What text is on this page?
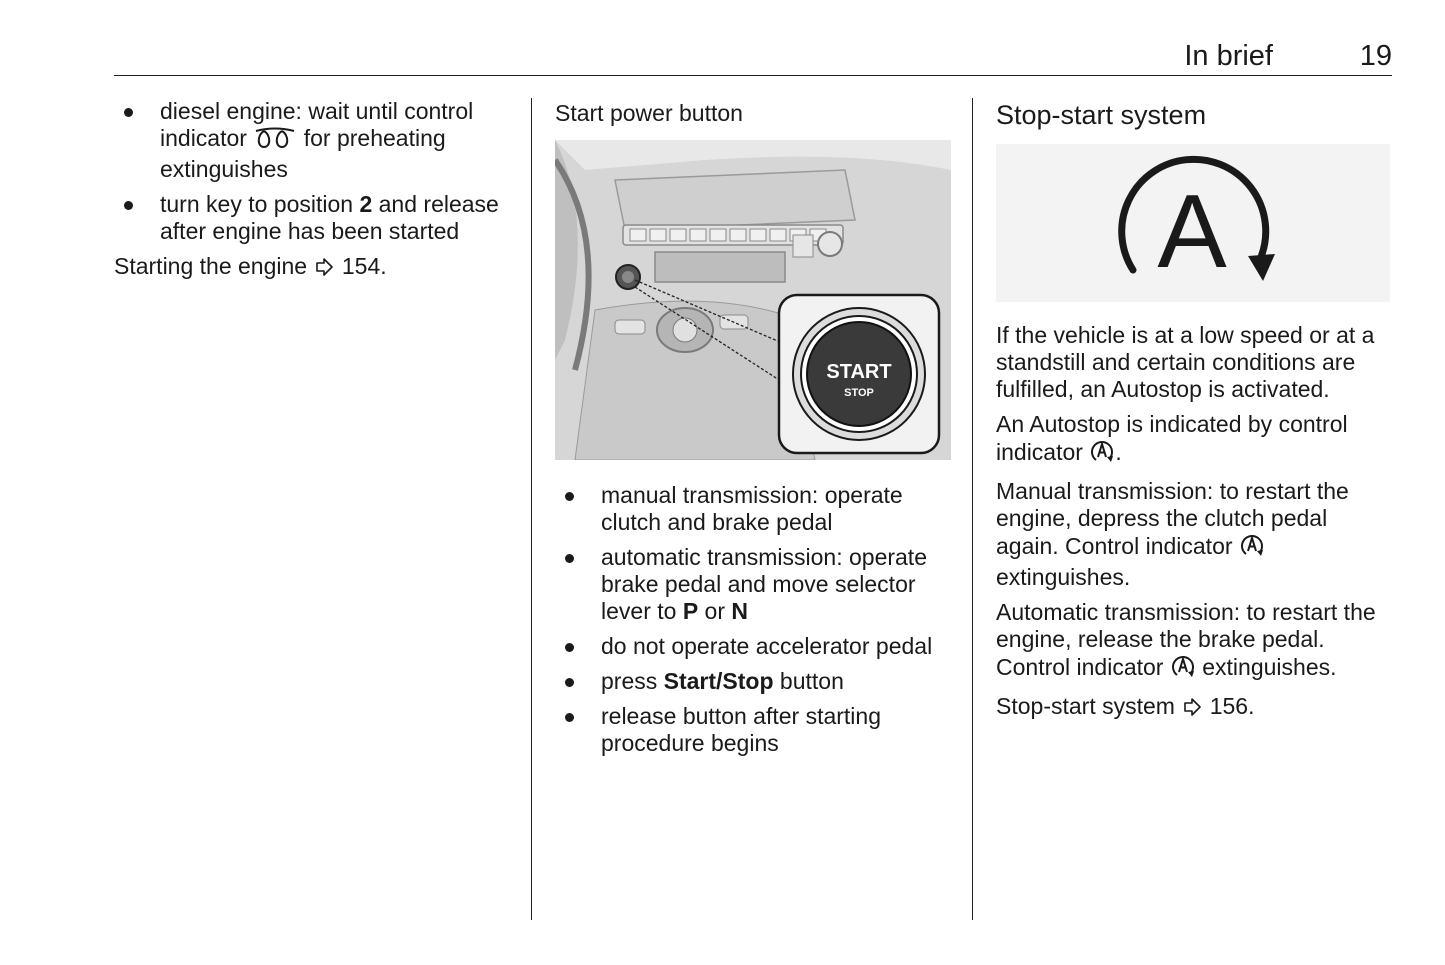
In brief	19
diesel engine: wait until control indicator for preheating extinguishes
turn key to position 2 and release after engine has been started

Starting the engine 154.

Start power button
START
STOP
manual transmission: operate clutch and brake pedal
automatic transmission: operate brake pedal and move selector lever to P or N
do not operate accelerator pedal
press Start/Stop button
release button after starting procedure begins
Stop-start system
A

If the vehicle is at a low speed or at a standstill and certain conditions are fulfilled, an Autostop is activated.

An Autostop is indicated by control indicator .

Manual transmission: to restart the engine, depress the clutch pedal again. Control indicator  extinguishes.

Automatic transmission: to restart the engine, release the brake pedal. Control indicator extinguishes.

Stop-start system 156.
